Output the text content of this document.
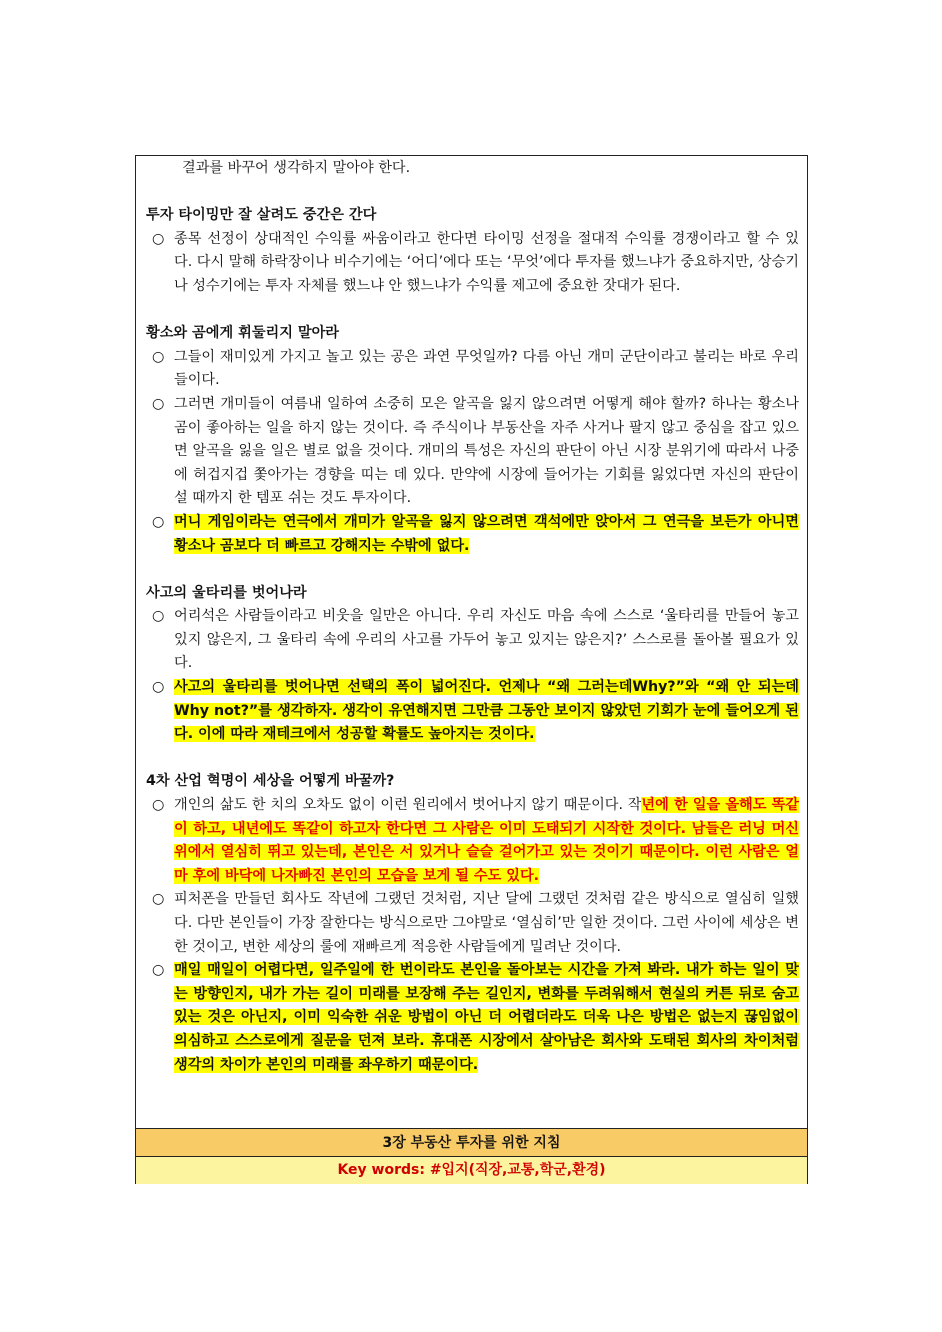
결과를 바꾸어 생각하지 말아야 한다.
투자 타이밍만 잘 살려도 중간은 간다
○ 종목 선정이 상대적인 수익률 싸움이라고 한다면 타이밍 선정을 절대적 수익률 경쟁이라고 할 수 있다. 다시 말해 하락장이나 비수기에는 ‘어디’에다 또는 ‘무엇’에다 투자를 했느냐가 중요하지만, 상승기나 성수기에는 투자 자체를 했느냐 안 했느냐가 수익률 제고에 중요한 잣대가 된다.
황소와 곰에게 휘둘리지 말아라
○ 그들이 재미있게 가지고 놀고 있는 공은 과연 무엇일까? 다름 아닌 개미 군단이라고 불리는 바로 우리들이다.
○ 그러면 개미들이 여름내 일하여 소중히 모은 알곡을 잃지 않으려면 어떻게 해야 할까? 하나는 황소나 곰이 좋아하는 일을 하지 않는 것이다. 즉 주식이나 부동산을 자주 사거나 팔지 않고 중심을 잡고 있으면 알곡을 잃을 일은 별로 없을 것이다. 개미의 특성은 자신의 판단이 아닌 시장 분위기에 따라서 나중에 허겁지겁 쫓아가는 경향을 띠는 데 있다. 만약에 시장에 들어가는 기회를 잃었다면 자신의 판단이 설 때까지 한 템포 쉬는 것도 투자이다.
○ 머니 게임이라는 연극에서 개미가 알곡을 잃지 않으려면 객석에만 앉아서 그 연극을 보든가 아니면 황소나 곰보다 더 빠르고 강해지는 수밖에 없다.
사고의 울타리를 벗어나라
○ 어리석은 사람들이라고 비웃을 일만은 아니다. 우리 자신도 마음 속에 스스로 ‘울타리를 만들어 놓고 있지 않은지, 그 울타리 속에 우리의 사고를 가두어 놓고 있지는 않은지?’ 스스로를 돌아볼 필요가 있다.
○ 사고의 울타리를 벗어나면 선택의 폭이 넓어진다. 언제나 “왜 그러는데Why?”와 “왜 안 되는데Why not?”를 생각하자. 생각이 유연해지면 그만큼 그동안 보이지 않았던 기회가 눈에 들어오게 된다. 이에 따라 재테크에서 성공할 확률도 높아지는 것이다.
4차 산업 혁명이 세상을 어떻게 바꿀까?
○ 개인의 삶도 한 치의 오차도 없이 이런 원리에서 벗어나지 않기 때문이다. 작년에 한 일을 올해도 똑같이 하고, 내년에도 똑같이 하고자 한다면 그 사람은 이미 도태되기 시작한 것이다. 남들은 러닝 머신 위에서 열심히 뛰고 있는데, 본인은 서 있거나 슬슬 걸어가고 있는 것이기 때문이다. 이런 사람은 얼마 후에 바닥에 나자빠진 본인의 모습을 보게 될 수도 있다.
○ 피처폰을 만들던 회사도 작년에 그랬던 것처럼, 지난 달에 그랬던 것처럼 같은 방식으로 열심히 일했다. 다만 본인들이 가장 잘한다는 방식으로만 그야말로 ‘열심히’만 일한 것이다. 그런 사이에 세상은 변한 것이고, 변한 세상의 룰에 재빠르게 적응한 사람들에게 밀려난 것이다.
○ 매일 매일이 어렵다면, 일주일에 한 번이라도 본인을 돌아보는 시간을 가져 봐라. 내가 하는 일이 맞는 방향인지, 내가 가는 길이 미래를 보장해 주는 길인지, 변화를 두려워해서 현실의 커튼 뒤로 숨고 있는 것은 아닌지, 이미 익숙한 쉬운 방법이 아닌 더 어렵더라도 더욱 나은 방법은 없는지 끊임없이 의심하고 스스로에게 질문을 던져 보라. 휴대폰 시장에서 살아남은 회사와 도태된 회사의 차이처럼 생각의 차이가 본인의 미래를 좌우하기 때문이다.
3장 부동산 투자를 위한 지침
Key words: #입지(직장,교통,학군,환경)
